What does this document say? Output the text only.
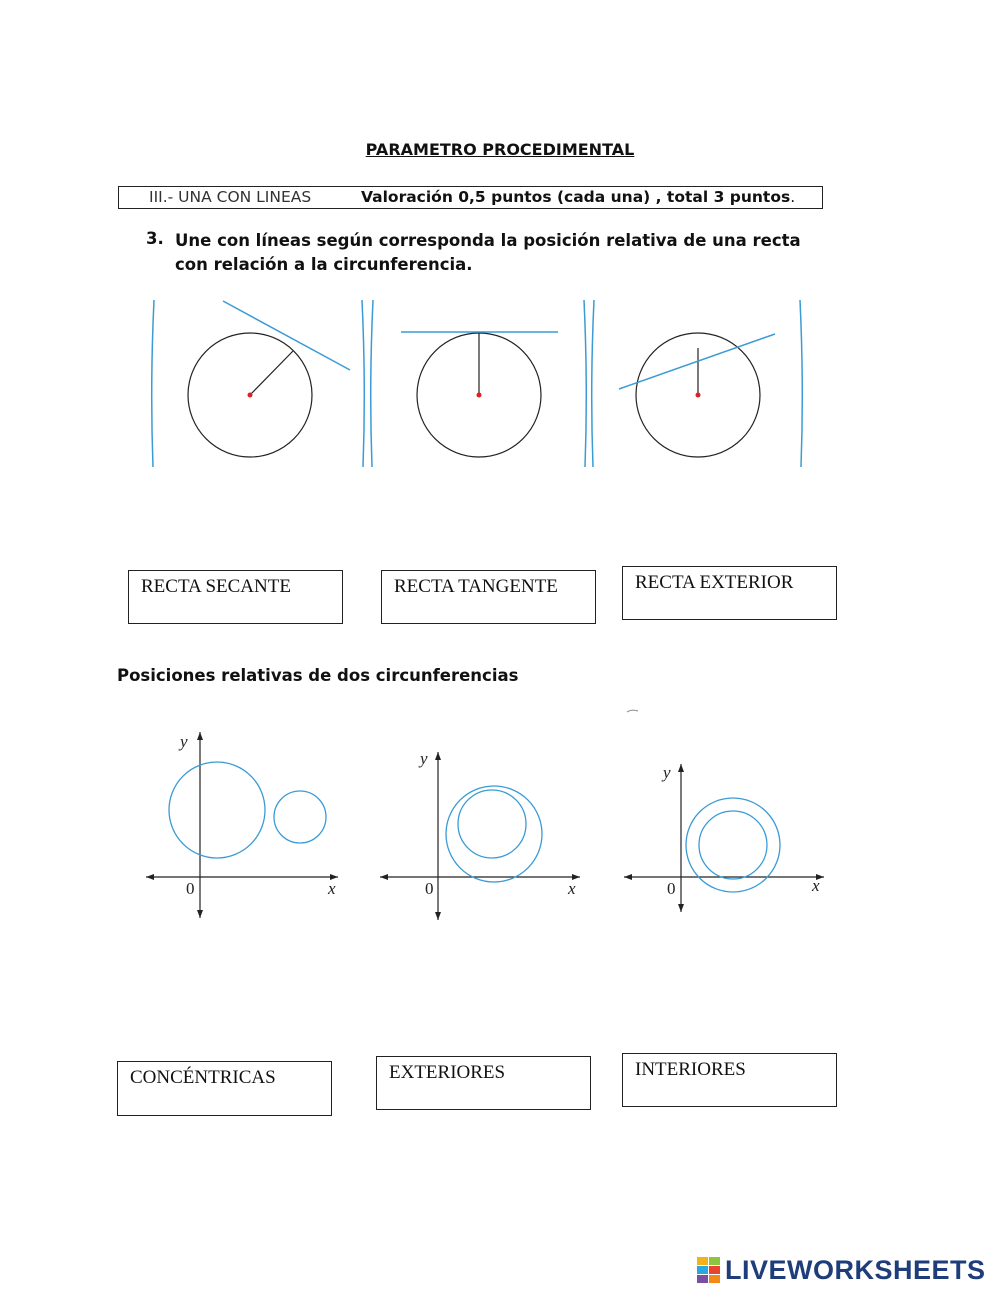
PARAMETRO PROCEDIMENTAL
III.- UNA CON LINEAS	Valoración 0,5 puntos (cada una) , total 3 puntos.
3. Une con líneas según corresponda la posición relativa de una recta con relación a la circunferencia.
y
0	x
y
0	x
y
0	x
RECTA SECANTE	RECTA TANGENTE	RECTA EXTERIOR
Posiciones relativas de dos circunferencias
CONCÉNTRICAS	EXTERIORES	INTERIORES
LIVEWORKSHEETS
